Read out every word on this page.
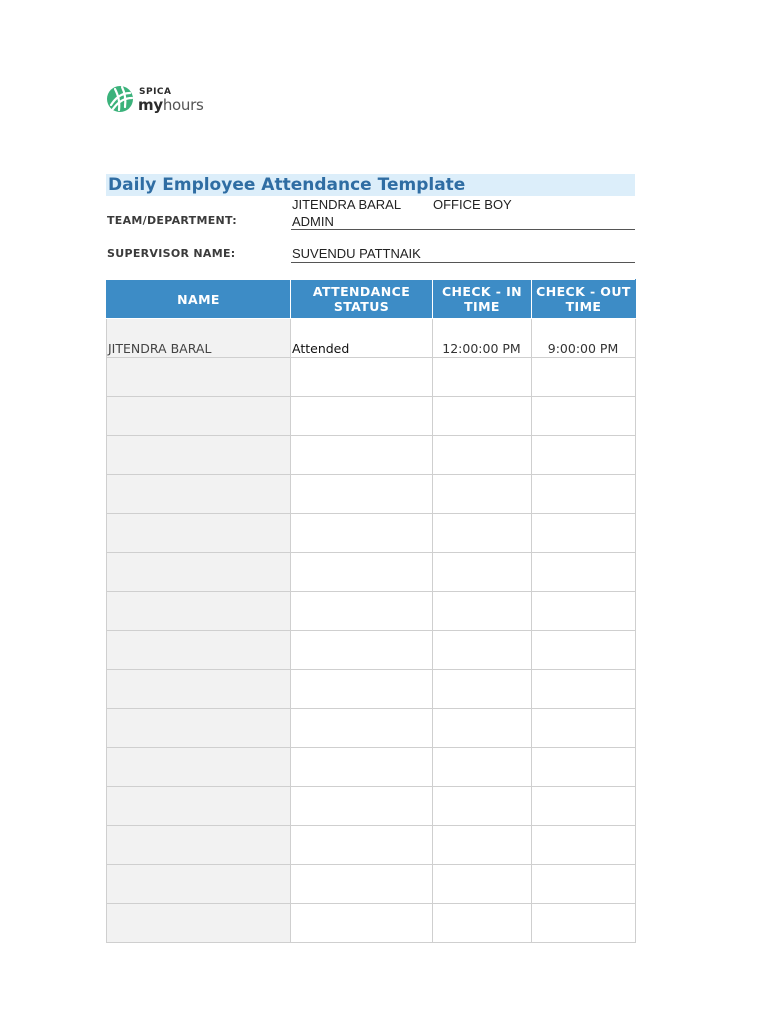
SPICA
myhours
Daily Employee Attendance Template
TEAM/DEPARTMENT:
JITENDRA BARAL OFFICE BOY
ADMIN
SUPERVISOR NAME:	SUVENDU PATTNAIK
NAME	ATTENDANCE STATUS	CHECK - IN TIME	CHECK - OUT TIME

JITENDRA BARAL	Attended	12:00:00 PM	9:00:00 PM
